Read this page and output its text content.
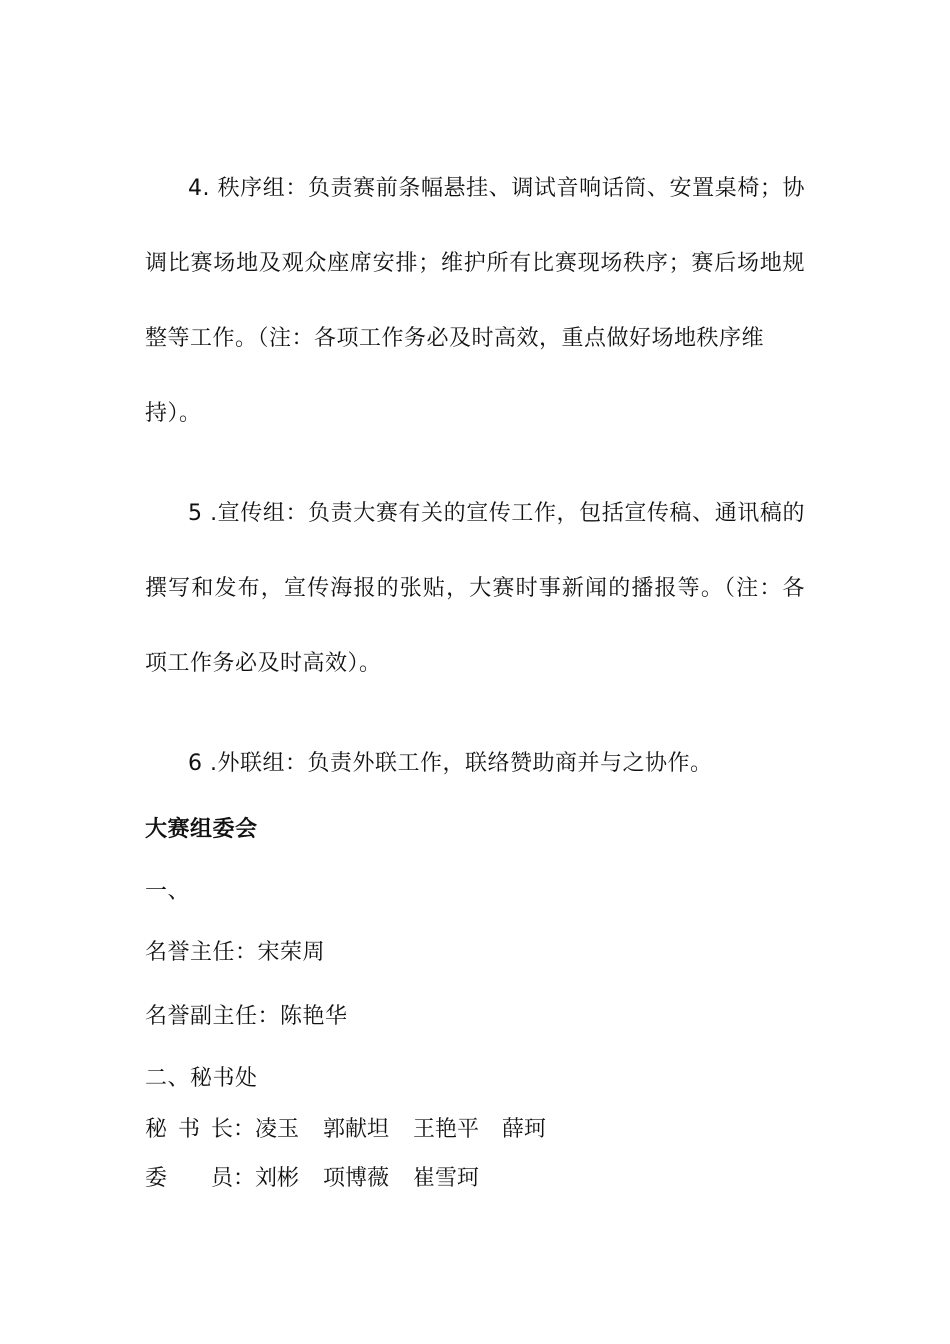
4. 秩序组：负责赛前条幅悬挂、调试音响话筒、安置桌椅；协
调比赛场地及观众座席安排；维护所有比赛现场秩序；赛后场地规
整等工作。（注：各项工作务必及时高效，重点做好场地秩序维
持）。
5 .宣传组：负责大赛有关的宣传工作，包括宣传稿、通讯稿的
撰写和发布，宣传海报的张贴，大赛时事新闻的播报等。（注：各
项工作务必及时高效）。
6 .外联组：负责外联工作，联络赞助商并与之协作。
大赛组委会
一、
名誉主任：宋荣周
名誉副主任：陈艳华
二、秘书处
秘 书 长： 凌玉 郭献坦 王艳平 薛珂
委 员： 刘彬 项博薇 崔雪珂
